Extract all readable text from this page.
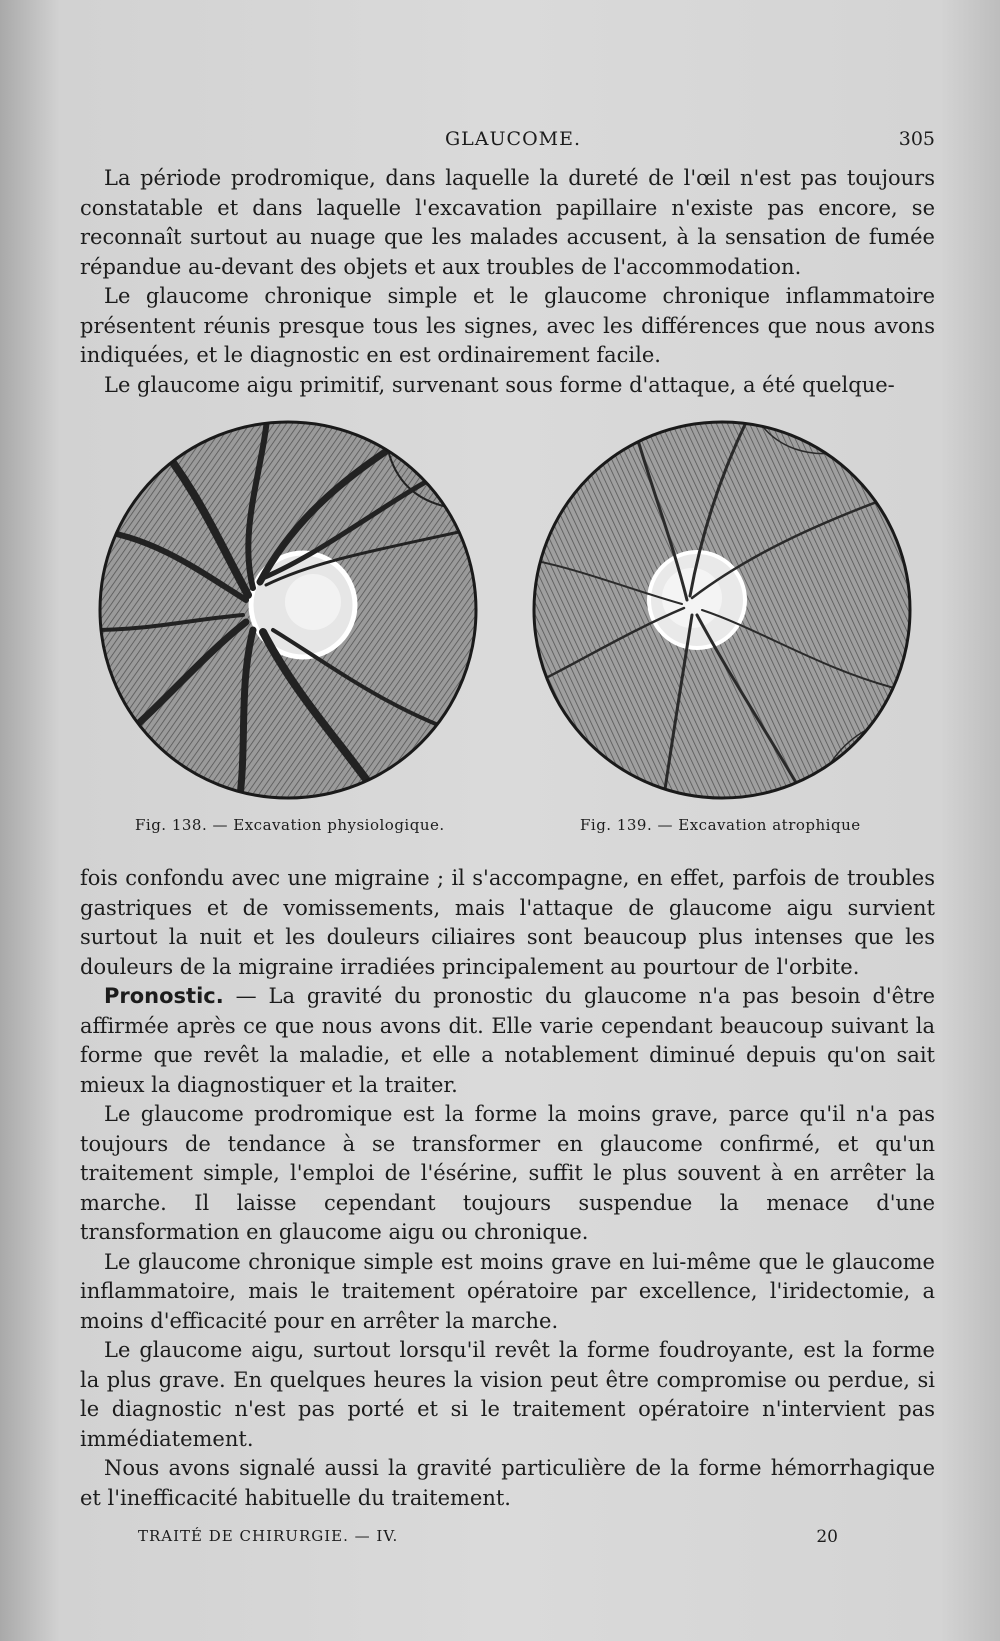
GLAUCOME.	305

La période prodromique, dans laquelle la dureté de l'œil n'est pas toujours constatable et dans laquelle l'excavation papillaire n'existe pas encore, se reconnaît surtout au nuage que les malades accusent, à la sensation de fumée répandue au-devant des objets et aux troubles de l'accommodation.

Le glaucome chronique simple et le glaucome chronique inflammatoire présentent réunis presque tous les signes, avec les différences que nous avons indiquées, et le diagnostic en est ordinairement facile.

Le glaucome aigu primitif, survenant sous forme d'attaque, a été quelque-

Fig. 138. — Excavation physiologique.	Fig. 139. — Excavation atrophique

fois confondu avec une migraine ; il s'accompagne, en effet, parfois de troubles gastriques et de vomissements, mais l'attaque de glaucome aigu survient surtout la nuit et les douleurs ciliaires sont beaucoup plus intenses que les douleurs de la migraine irradiées principalement au pourtour de l'orbite.

Pronostic. — La gravité du pronostic du glaucome n'a pas besoin d'être affirmée après ce que nous avons dit. Elle varie cependant beaucoup suivant la forme que revêt la maladie, et elle a notablement diminué depuis qu'on sait mieux la diagnostiquer et la traiter.

Le glaucome prodromique est la forme la moins grave, parce qu'il n'a pas toujours de tendance à se transformer en glaucome confirmé, et qu'un traitement simple, l'emploi de l'ésérine, suffit le plus souvent à en arrêter la marche. Il laisse cependant toujours suspendue la menace d'une transformation en glaucome aigu ou chronique.

Le glaucome chronique simple est moins grave en lui-même que le glaucome inflammatoire, mais le traitement opératoire par excellence, l'iridectomie, a moins d'efficacité pour en arrêter la marche.

Le glaucome aigu, surtout lorsqu'il revêt la forme foudroyante, est la forme la plus grave. En quelques heures la vision peut être compromise ou perdue, si le diagnostic n'est pas porté et si le traitement opératoire n'intervient pas immédiatement.

Nous avons signalé aussi la gravité particulière de la forme hémorrhagique et l'inefficacité habituelle du traitement.

TRAITÉ DE CHIRURGIE. — IV.	20
